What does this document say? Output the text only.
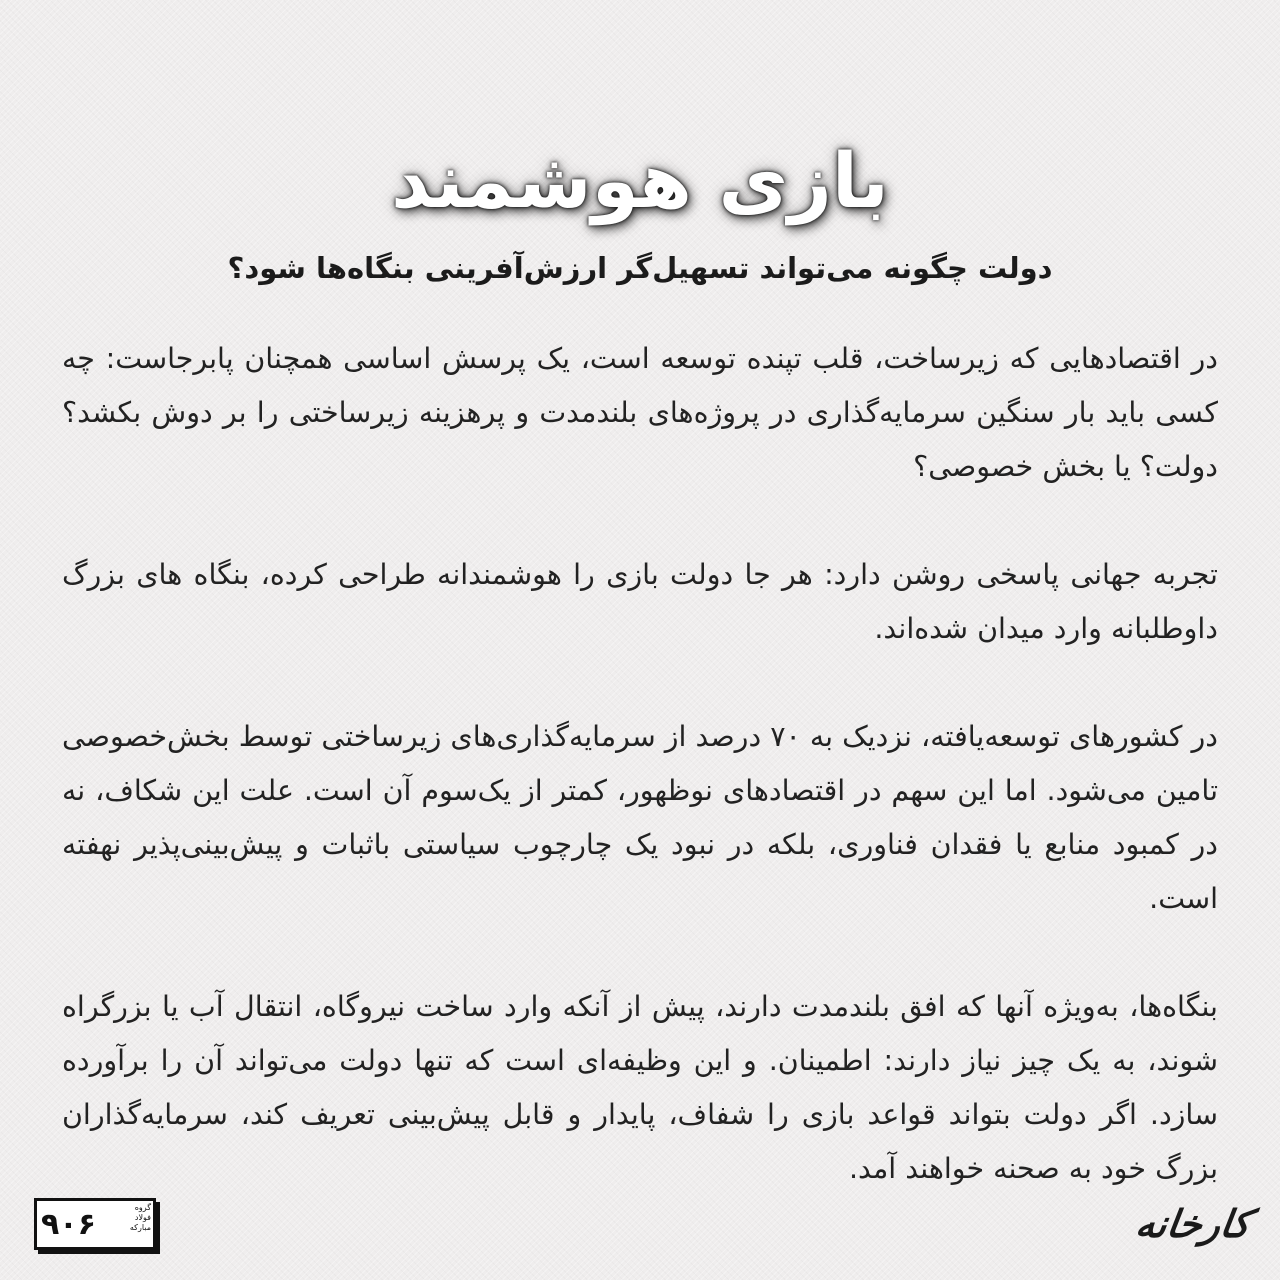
بازی هوشمند
دولت چگونه می‌تواند تسهیل‌گر ارزش‌آفرینی بنگاه‌ها شود؟

در اقتصادهایی که زیرساخت، قلب تپنده توسعه است، یک پرسش اساسی همچنان پابرجاست: چه کسی باید بار سنگین سرمایه‌گذاری در پروژه‌های بلندمدت و پرهزینه زیرساختی را بر دوش بکشد؟ دولت؟ یا بخش خصوصی؟

تجربه جهانی پاسخی روشن دارد: هر جا دولت بازی را هوشمندانه طراحی کرده، بنگاه های بزرگ داوطلبانه وارد میدان شده‌اند.

در کشورهای توسعه‌یافته، نزدیک به ۷۰ درصد از سرمایه‌گذاری‌های زیرساختی توسط بخش‌خصوصی تامین می‌شود. اما این سهم در اقتصادهای نوظهور، کمتر از یک‌سوم آن است. علت این شکاف، نه در کمبود منابع یا فقدان فناوری، بلکه در نبود یک چارچوب سیاستی باثبات و پیش‌بینی‌پذیر نهفته است.

بنگاه‌ها، به‌ویژه آنها که افق بلندمدت دارند، پیش از آنکه وارد ساخت نیروگاه، انتقال آب یا بزرگراه شوند، به یک چیز نیاز دارند: اطمینان. و این وظیفه‌ای است که تنها دولت می‌تواند آن را برآورده سازد. اگر دولت بتواند قواعد بازی را شفاف، پایدار و قابل پیش‌بینی تعریف کند، سرمایه‌گذاران بزرگ خود به صحنه خواهند آمد.

۹۰۶	گروه فولاد مبارکه	کارخانه
